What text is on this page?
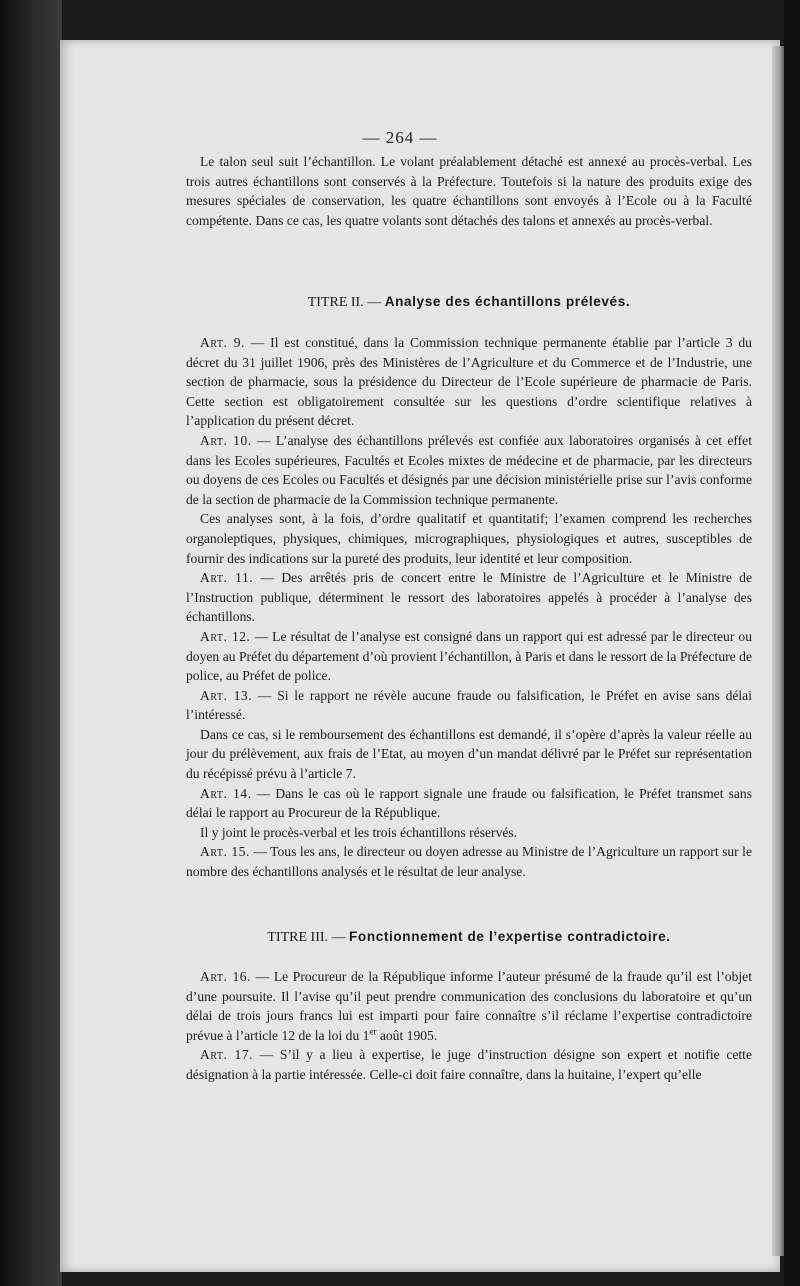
— 264 —

Le talon seul suit l’échantillon. Le volant préalablement détaché est annexé au procès-verbal. Les trois autres échantillons sont conservés à la Préfecture. Toutefois si la nature des produits exige des mesures spéciales de conservation, les quatre échantillons sont envoyés à l’Ecole ou à la Faculté compétente. Dans ce cas, les quatre volants sont détachés des talons et annexés au procès-verbal.

TITRE II. — Analyse des échantillons prélevés.

Art. 9. — Il est constitué, dans la Commission technique permanente établie par l’article 3 du décret du 31 juillet 1906, près des Ministères de l’Agriculture et du Commerce et de l’Industrie, une section de pharmacie, sous la présidence du Directeur de l’Ecole supérieure de pharmacie de Paris. Cette section est obligatoirement consultée sur les questions d’ordre scientifique relatives à l’application du présent décret.

Art. 10. — L’analyse des échantillons prélevés est confiée aux laboratoires organisés à cet effet dans les Ecoles supérieures, Facultés et Ecoles mixtes de médecine et de pharmacie, par les directeurs ou doyens de ces Ecoles ou Facultés et désignés par une décision ministérielle prise sur l’avis conforme de la section de pharmacie de la Commission technique permanente.

Ces analyses sont, à la fois, d’ordre qualitatif et quantitatif; l’examen comprend les recherches organoleptiques, physiques, chimiques, micrographiques, physiologiques et autres, susceptibles de fournir des indications sur la pureté des produits, leur identité et leur composition.

Art. 11. — Des arrêtés pris de concert entre le Ministre de l’Agriculture et le Ministre de l’Instruction publique, déterminent le ressort des laboratoires appelés à procéder à l’analyse des échantillons.

Art. 12. — Le résultat de l’analyse est consigné dans un rapport qui est adressé par le directeur ou doyen au Préfet du département d’où provient l’échantillon, à Paris et dans le ressort de la Préfecture de police, au Préfet de police.

Art. 13. — Si le rapport ne révèle aucune fraude ou falsification, le Préfet en avise sans délai l’intéressé.

Dans ce cas, si le remboursement des échantillons est demandé, il s’opère d’après la valeur réelle au jour du prélèvement, aux frais de l’Etat, au moyen d’un mandat délivré par le Préfet sur représentation du récépissé prévu à l’article 7.

Art. 14. — Dans le cas où le rapport signale une fraude ou falsification, le Préfet transmet sans délai le rapport au Procureur de la République.

Il y joint le procès-verbal et les trois échantillons réservés.

Art. 15. — Tous les ans, le directeur ou doyen adresse au Ministre de l’Agriculture un rapport sur le nombre des échantillons analysés et le résultat de leur analyse.

TITRE III. — Fonctionnement de l’expertise contradictoire.

Art. 16. — Le Procureur de la République informe l’auteur présumé de la fraude qu’il est l’objet d’une poursuite. Il l’avise qu’il peut prendre communication des conclusions du laboratoire et qu’un délai de trois jours francs lui est imparti pour faire connaître s’il réclame l’expertise contradictoire prévue à l’article 12 de la loi du 1er août 1905.

Art. 17. — S’il y a lieu à expertise, le juge d’instruction désigne son expert et notifie cette désignation à la partie intéressée. Celle-ci doit faire connaître, dans la huitaine, l’expert qu’elle
